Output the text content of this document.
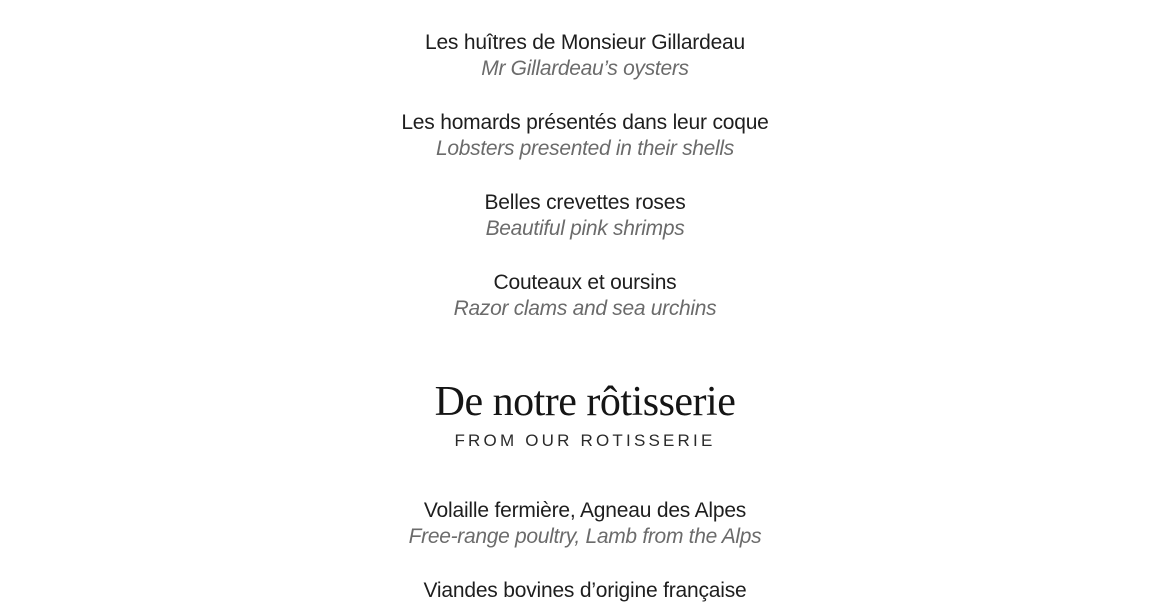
Les huîtres de Monsieur Gillardeau
Mr Gillardeau’s oysters
Les homards présentés dans leur coque
Lobsters presented in their shells
Belles crevettes roses
Beautiful pink shrimps
Couteaux et oursins
Razor clams and sea urchins
De notre rôtisserie
FROM OUR ROTISSERIE
Volaille fermière, Agneau des Alpes
Free-range poultry, Lamb from the Alps
Viandes bovines d’origine française
